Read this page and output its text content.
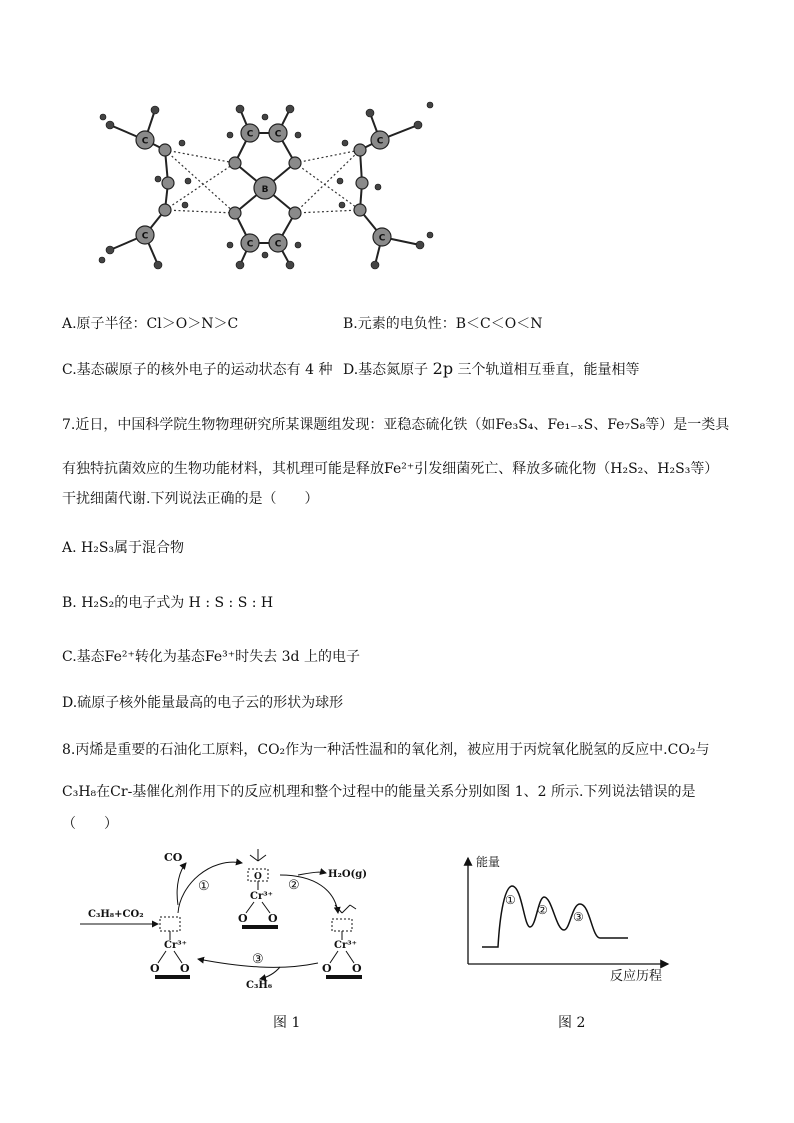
C
C
C C
C C
C
C
B
A.原子半径：Cl＞O＞N＞C	B.元素的电负性：B＜C＜O＜N
C.基态碳原子的核外电子的运动状态有 4 种 D.基态氮原子 2p 三个轨道相互垂直，能量相等
7.近日，中国科学院生物物理研究所某课题组发现：亚稳态硫化铁（如Fe₃S₄、Fe₁₋ₓS、Fe₇S₈等）是一类具
有独特抗菌效应的生物功能材料，其机理可能是释放Fe²⁺引发细菌死亡、释放多硫化物（H₂S₂、H₂S₃等）
干扰细菌代谢.下列说法正确的是（　　）
A. H₂S₃属于混合物
B. H₂S₂的电子式为 H : S : S : H
C.基态Fe²⁺转化为基态Fe³⁺时失去 3d 上的电子
D.硫原子核外能量最高的电子云的形状为球形
8.丙烯是重要的石油化工原料，CO₂作为一种活性温和的氧化剂，被应用于丙烷氧化脱氢的反应中.CO₂与
C₃H₈在Cr-基催化剂作用下的反应机理和整个过程中的能量关系分别如图 1、2 所示.下列说法错误的是
（　　）
Cr³⁺
O O
O
Cr³⁺
O O
Cr³⁺
O O
C₃H₈+CO₂
CO
①
H₂O(g)
②
③
C₃H₆
图 1
能量
①
② ③
反应历程
图 2
